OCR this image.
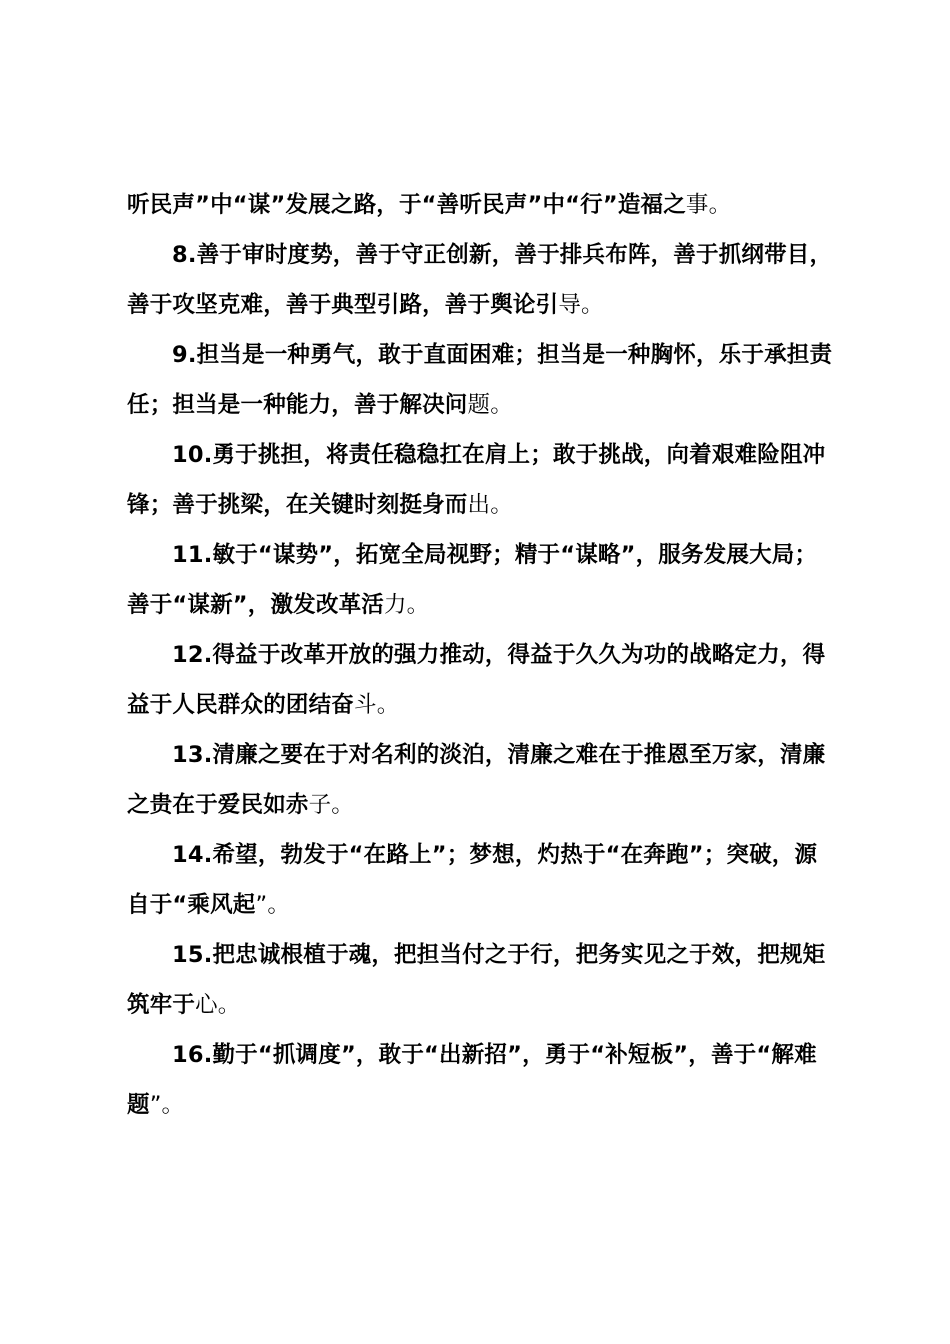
听民声”中“谋”发展之路，于“善听民声”中“行”造福之事。

8.善于审时度势，善于守正创新，善于排兵布阵，善于抓纲带目，善于攻坚克难，善于典型引路，善于舆论引导。

9.担当是一种勇气，敢于直面困难；担当是一种胸怀，乐于承担责任；担当是一种能力，善于解决问题。

10.勇于挑担，将责任稳稳扛在肩上；敢于挑战，向着艰难险阻冲锋；善于挑梁，在关键时刻挺身而出。

11.敏于“谋势”，拓宽全局视野；精于“谋略”，服务发展大局；善于“谋新”，激发改革活力。

12.得益于改革开放的强力推动，得益于久久为功的战略定力，得益于人民群众的团结奋斗。

13.清廉之要在于对名利的淡泊，清廉之难在于推恩至万家，清廉之贵在于爱民如赤子。

14.希望，勃发于“在路上”；梦想，灼热于“在奔跑”；突破，源自于“乘风起”。

15.把忠诚根植于魂，把担当付之于行，把务实见之于效，把规矩筑牢于心。

16.勤于“抓调度”，敢于“出新招”，勇于“补短板”，善于“解难题”。
